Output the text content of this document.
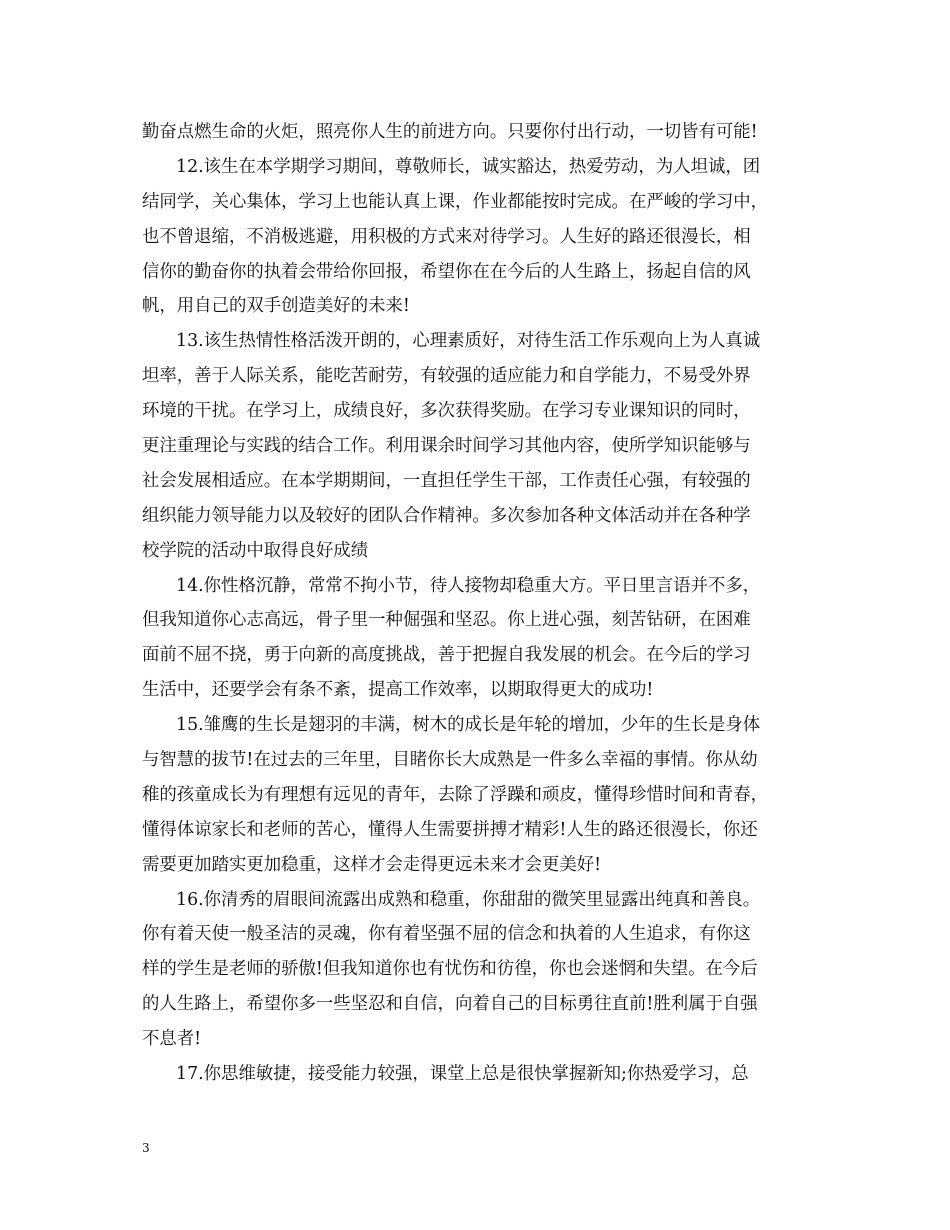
勤奋点燃生命的火炬，照亮你人生的前进方向。只要你付出行动，一切皆有可能!
12.该生在本学期学习期间，尊敬师长，诚实豁达，热爱劳动，为人坦诚，团
结同学，关心集体，学习上也能认真上课，作业都能按时完成。在严峻的学习中，
也不曾退缩，不消极逃避，用积极的方式来对待学习。人生好的路还很漫长，相
信你的勤奋你的执着会带给你回报，希望你在在今后的人生路上，扬起自信的风
帆，用自己的双手创造美好的未来!
13.该生热情性格活泼开朗的，心理素质好，对待生活工作乐观向上为人真诚
坦率，善于人际关系，能吃苦耐劳，有较强的适应能力和自学能力，不易受外界
环境的干扰。在学习上，成绩良好，多次获得奖励。在学习专业课知识的同时，
更注重理论与实践的结合工作。利用课余时间学习其他内容，使所学知识能够与
社会发展相适应。在本学期期间，一直担任学生干部，工作责任心强，有较强的
组织能力领导能力以及较好的团队合作精神。多次参加各种文体活动并在各种学
校学院的活动中取得良好成绩
14.你性格沉静，常常不拘小节，待人接物却稳重大方。平日里言语并不多，
但我知道你心志高远，骨子里一种倔强和坚忍。你上进心强，刻苦钻研，在困难
面前不屈不挠，勇于向新的高度挑战，善于把握自我发展的机会。在今后的学习
生活中，还要学会有条不紊，提高工作效率，以期取得更大的成功!
15.雏鹰的生长是翅羽的丰满，树木的成长是年轮的增加，少年的生长是身体
与智慧的拔节!在过去的三年里，目睹你长大成熟是一件多么幸福的事情。你从幼
稚的孩童成长为有理想有远见的青年，去除了浮躁和顽皮，懂得珍惜时间和青春，
懂得体谅家长和老师的苦心，懂得人生需要拼搏才精彩!人生的路还很漫长，你还
需要更加踏实更加稳重，这样才会走得更远未来才会更美好!
16.你清秀的眉眼间流露出成熟和稳重，你甜甜的微笑里显露出纯真和善良。
你有着天使一般圣洁的灵魂，你有着坚强不屈的信念和执着的人生追求，有你这
样的学生是老师的骄傲!但我知道你也有忧伤和彷徨，你也会迷惘和失望。在今后
的人生路上，希望你多一些坚忍和自信，向着自己的目标勇往直前!胜利属于自强
不息者!
17.你思维敏捷，接受能力较强，课堂上总是很快掌握新知;你热爱学习，总
3
